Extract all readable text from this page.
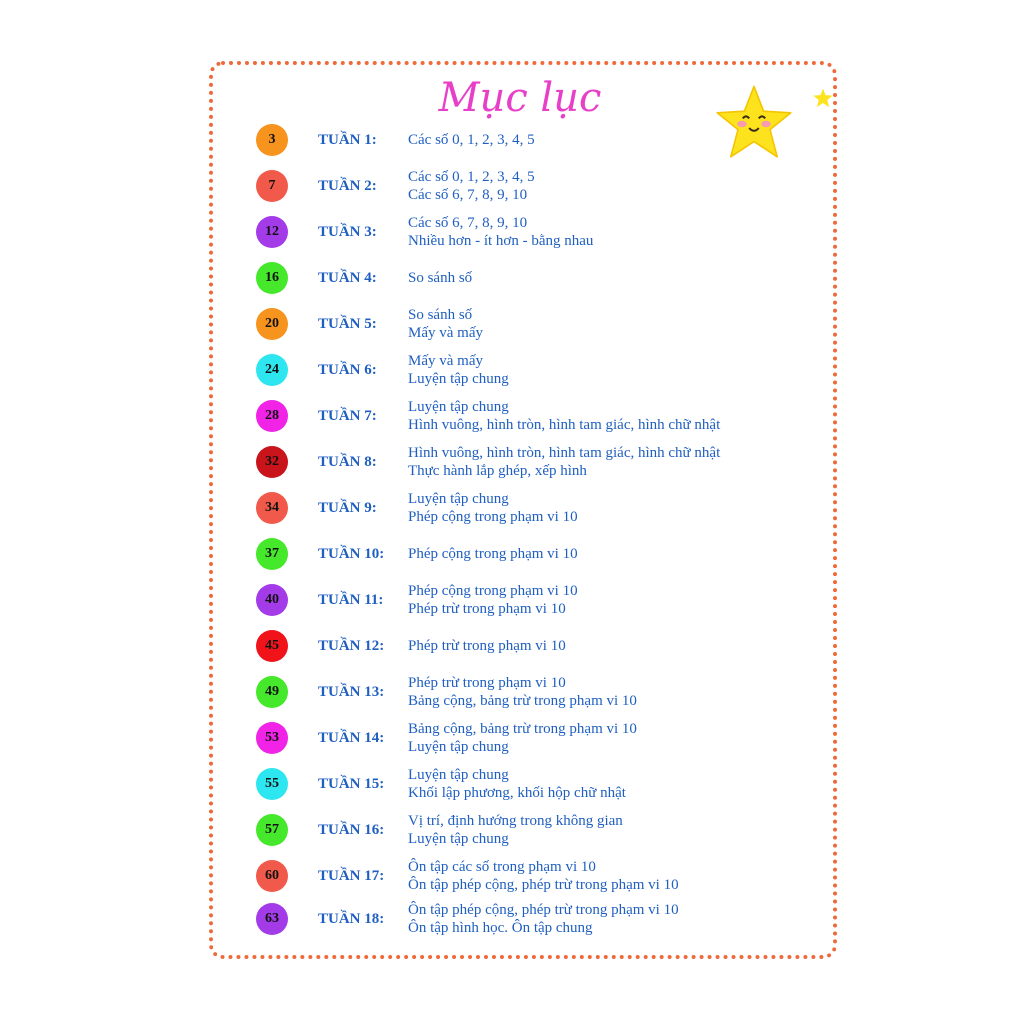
Mục lục
3	TUẦN 1: Các số 0, 1, 2, 3, 4, 5
7	TUẦN 2:
Các số 0, 1, 2, 3, 4, 5
Các số 6, 7, 8, 9, 10
12	TUẦN 3:
Các số 6, 7, 8, 9, 10
Nhiều hơn - ít hơn - bằng nhau
16	TUẦN 4: So sánh số
20	TUẦN 5:
So sánh số
Mấy và mấy
24	TUẦN 6:
Mấy và mấy
Luyện tập chung
28	TUẦN 7:
Luyện tập chung
Hình vuông, hình tròn, hình tam giác, hình chữ nhật
32	TUẦN 8:
Hình vuông, hình tròn, hình tam giác, hình chữ nhật
Thực hành lắp ghép, xếp hình
34	TUẦN 9:
Luyện tập chung
Phép cộng trong phạm vi 10
37	TUẦN 10: Phép cộng trong phạm vi 10
40	TUẦN 11:
Phép cộng trong phạm vi 10
Phép trừ trong phạm vi 10
45	TUẦN 12: Phép trừ trong phạm vi 10
49	TUẦN 13:
Phép trừ trong phạm vi 10
Bảng cộng, bảng trừ trong phạm vi 10
53	TUẦN 14:
Bảng cộng, bảng trừ trong phạm vi 10
Luyện tập chung
55	TUẦN 15:
Luyện tập chung
Khối lập phương, khối hộp chữ nhật
57	TUẦN 16:
Vị trí, định hướng trong không gian
Luyện tập chung
60	TUẦN 17:
Ôn tập các số trong phạm vi 10
Ôn tập phép cộng, phép trừ trong phạm vi 10
63	TUẦN 18:
Ôn tập phép cộng, phép trừ trong phạm vi 10
Ôn tập hình học. Ôn tập chung
